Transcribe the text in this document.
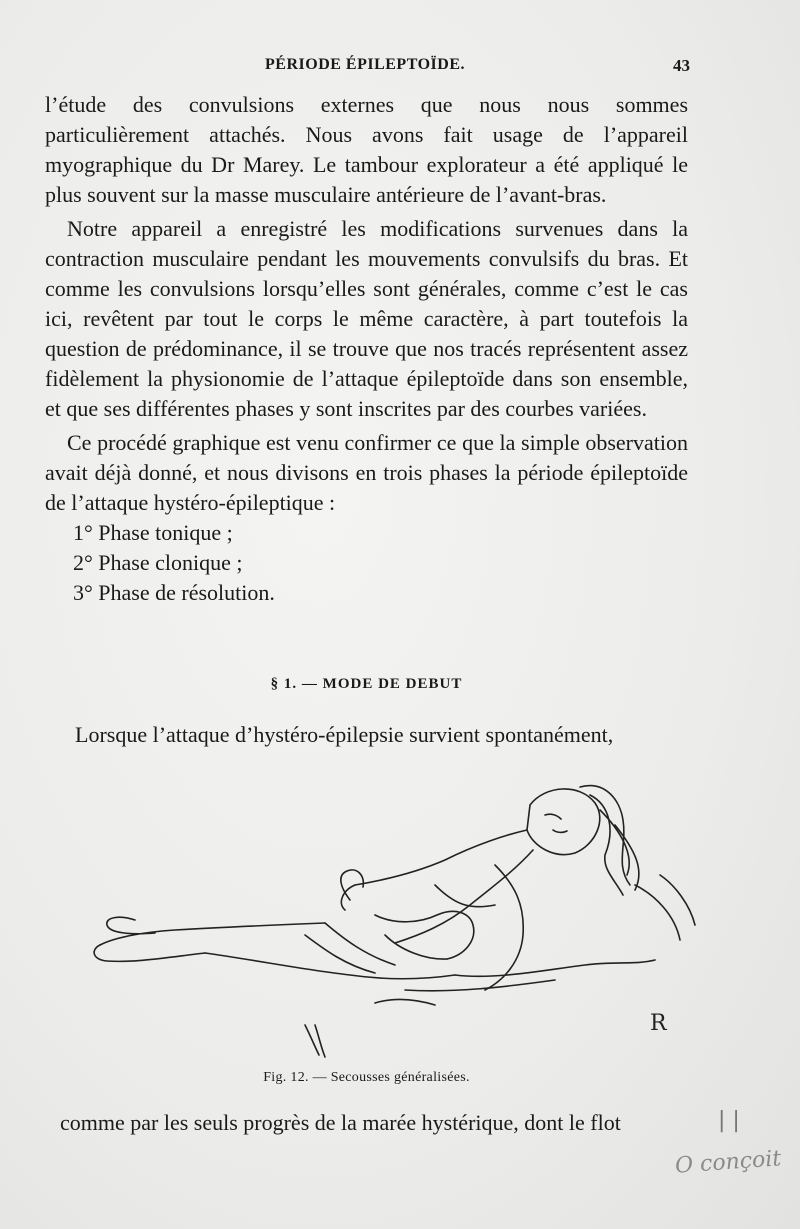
PÉRIODE ÉPILEPTOÏDE.	43

l’étude des convulsions externes que nous nous sommes particulièrement attachés. Nous avons fait usage de l’appareil myographique du Dr Marey. Le tambour explorateur a été appliqué le plus souvent sur la masse musculaire antérieure de l’avant-bras.

Notre appareil a enregistré les modifications survenues dans la contraction musculaire pendant les mouvements convulsifs du bras. Et comme les convulsions lorsqu’elles sont générales, comme c’est le cas ici, revêtent par tout le corps le même caractère, à part toutefois la question de prédominance, il se trouve que nos tracés représentent assez fidèlement la physionomie de l’attaque épileptoïde dans son ensemble, et que ses différentes phases y sont inscrites par des courbes variées.

Ce procédé graphique est venu confirmer ce que la simple observation avait déjà donné, et nous divisons en trois phases la période épileptoïde de l’attaque hystéro-épileptique :

1° Phase tonique ;
2° Phase clonique ;
3° Phase de résolution.
§ 1. — MODE DE DEBUT
Lorsque l’attaque d’hystéro-épilepsie survient spontanément,
R
Fig. 12. — Secousses généralisées.
comme par les seuls progrès de la marée hystérique, dont le flot	| |
O conçoit
